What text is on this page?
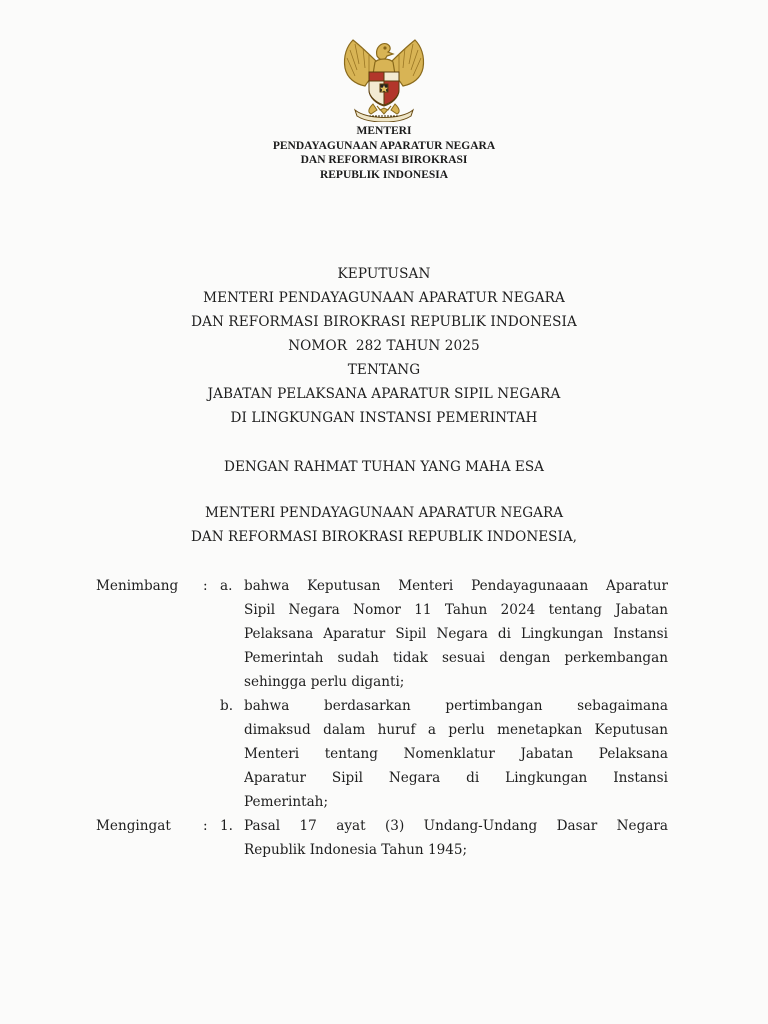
MENTERI
PENDAYAGUNAAN APARATUR NEGARA
DAN REFORMASI BIROKRASI
REPUBLIK INDONESIA
KEPUTUSAN
MENTERI PENDAYAGUNAAN APARATUR NEGARA
DAN REFORMASI BIROKRASI REPUBLIK INDONESIA
NOMOR  282 TAHUN 2025
TENTANG
JABATAN PELAKSANA APARATUR SIPIL NEGARA
DI LINGKUNGAN INSTANSI PEMERINTAH
DENGAN RAHMAT TUHAN YANG MAHA ESA
MENTERI PENDAYAGUNAAN APARATUR NEGARA
DAN REFORMASI BIROKRASI REPUBLIK INDONESIA,
Menimbang : a. bahwa Keputusan Menteri Pendayagunaaan Aparatur
Sipil Negara Nomor 11 Tahun 2024 tentang Jabatan
Pelaksana Aparatur Sipil Negara di Lingkungan Instansi
Pemerintah sudah tidak sesuai dengan perkembangan
sehingga perlu diganti;
b. bahwa berdasarkan pertimbangan sebagaimana
dimaksud dalam huruf a perlu menetapkan Keputusan
Menteri tentang Nomenklatur Jabatan Pelaksana
Aparatur Sipil Negara di Lingkungan Instansi
Pemerintah;
Mengingat : 1. Pasal 17 ayat (3) Undang-Undang Dasar Negara
Republik Indonesia Tahun 1945;
